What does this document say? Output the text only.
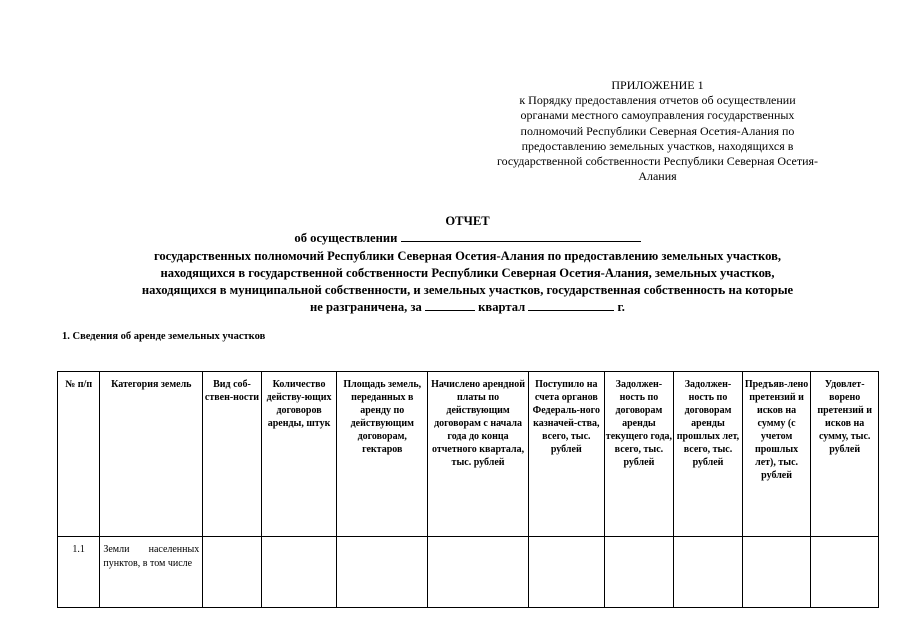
ПРИЛОЖЕНИЕ 1
к Порядку предоставления отчетов об осуществлении
органами местного самоуправления государственных
полномочий Республики Северная Осетия-Алания по
предоставлению земельных участков, находящихся в
государственной собственности Республики Северная Осетия-
Алания
ОТЧЕТ
об осуществлении
государственных полномочий Республики Северная Осетия-Алания по предоставлению земельных участков,
находящихся в государственной собственности Республики Северная Осетия-Алания, земельных участков,
находящихся в муниципальной собственности, и земельных участков, государственная собственность на которые
не разграничена, за	квартал	г.
1. Сведения об аренде земельных участков
№ п/п	Категория земель	Вид соб-ствен-ности	Количество действу-ющих договоров аренды, штук	Площадь земель, переданных в аренду по действующим договорам, гектаров	Начислено арендной платы по действующим договорам с начала года до конца отчетного квартала, тыс. рублей	Поступило на счета органов Федераль-ного казначей-ства, всего, тыс. рублей	Задолжен-ность по договорам аренды текущего года, всего, тыс. рублей	Задолжен-ность по договорам аренды прошлых лет, всего, тыс. рублей	Предъяв-лено претензий и исков на сумму (с учетом прошлых лет), тыс. рублей	Удовлет-ворено претензий и исков на сумму, тыс. рублей
1.1	Земли населенных пунктов, в том числе									
